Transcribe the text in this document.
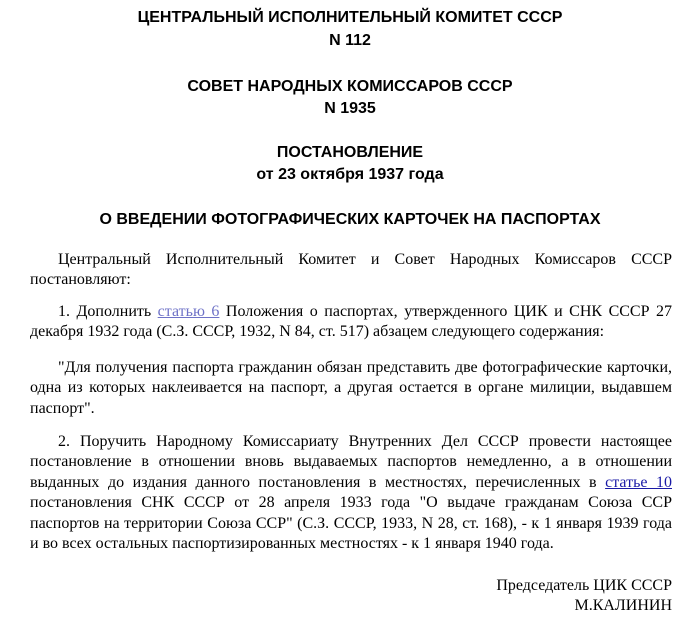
ЦЕНТРАЛЬНЫЙ ИСПОЛНИТЕЛЬНЫЙ КОМИТЕТ СССР
N 112
СОВЕТ НАРОДНЫХ КОМИССАРОВ СССР
N 1935
ПОСТАНОВЛЕНИЕ
от 23 октября 1937 года
О ВВЕДЕНИИ ФОТОГРАФИЧЕСКИХ КАРТОЧЕК НА ПАСПОРТАХ

Центральный Исполнительный Комитет и Совет Народных Комиссаров СССР постановляют:

1. Дополнить статью 6 Положения о паспортах, утвержденного ЦИК и СНК СССР 27 декабря 1932 года (С.З. СССР, 1932, N 84, ст. 517) абзацем следующего содержания:

"Для получения паспорта гражданин обязан представить две фотографические карточки, одна из которых наклеивается на паспорт, а другая остается в органе милиции, выдавшем паспорт".

2. Поручить Народному Комиссариату Внутренних Дел СССР провести настоящее постановление в отношении вновь выдаваемых паспортов немедленно, а в отношении выданных до издания данного постановления в местностях, перечисленных в статье 10 постановления СНК СССР от 28 апреля 1933 года "О выдаче гражданам Союза ССР паспортов на территории Союза ССР" (С.З. СССР, 1933, N 28, ст. 168), - к 1 января 1939 года и во всех остальных паспортизированных местностях - к 1 января 1940 года.

Председатель ЦИК СССР
М.КАЛИНИН
